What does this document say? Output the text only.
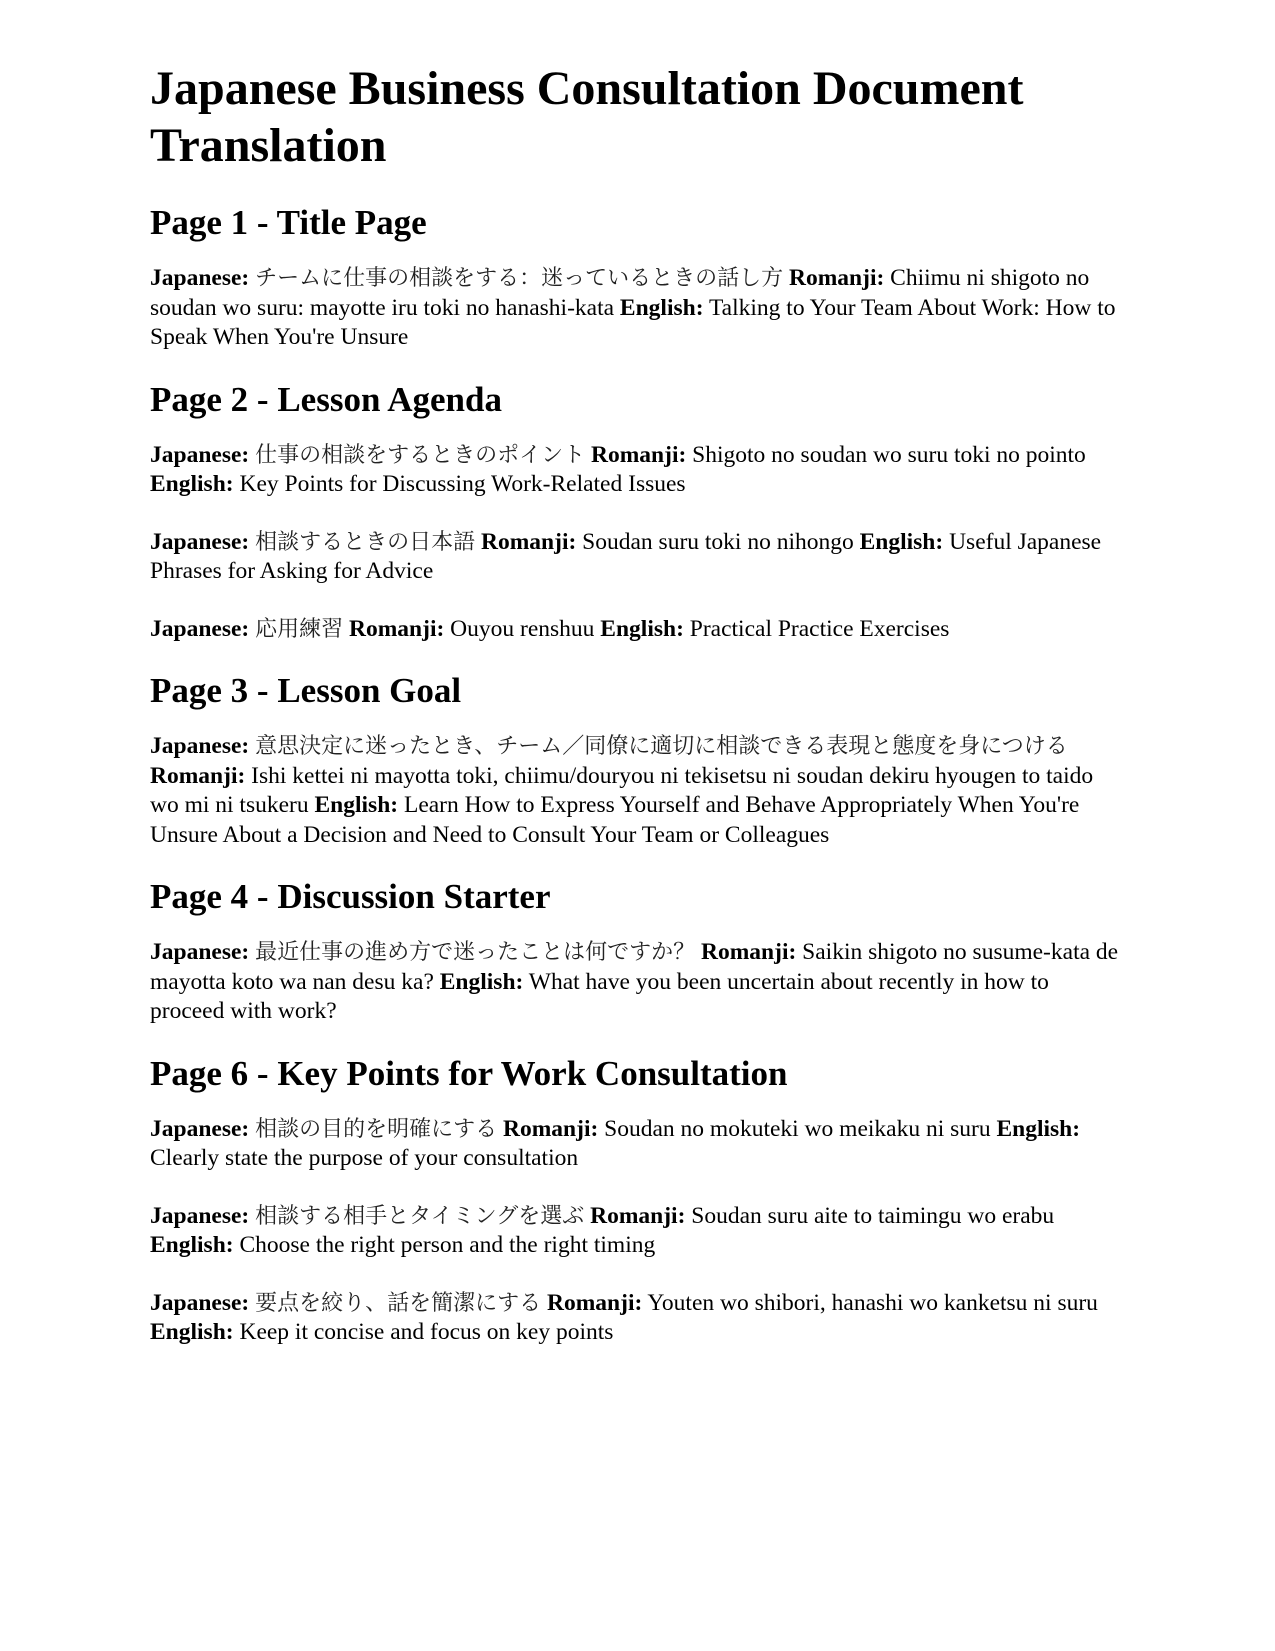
Japanese Business Consultation Document Translation
Page 1 - Title Page

Japanese: チームに仕事の相談をする：迷っているときの話し方 Romanji: Chiimu ni shigoto no soudan wo suru: mayotte iru toki no hanashi-kata English: Talking to Your Team About Work: How to Speak When You're Unsure

Page 2 - Lesson Agenda

Japanese: 仕事の相談をするときのポイント Romanji: Shigoto no soudan wo suru toki no pointo English: Key Points for Discussing Work-Related Issues

Japanese: 相談するときの日本語 Romanji: Soudan suru toki no nihongo English: Useful Japanese Phrases for Asking for Advice

Japanese: 応用練習 Romanji: Ouyou renshuu English: Practical Practice Exercises

Page 3 - Lesson Goal

Japanese: 意思決定に迷ったとき、チーム／同僚に適切に相談できる表現と態度を身につける Romanji: Ishi kettei ni mayotta toki, chiimu/douryou ni tekisetsu ni soudan dekiru hyougen to taido wo mi ni tsukeru English: Learn How to Express Yourself and Behave Appropriately When You're Unsure About a Decision and Need to Consult Your Team or Colleagues

Page 4 - Discussion Starter

Japanese: 最近仕事の進め方で迷ったことは何ですか？ Romanji: Saikin shigoto no susume-kata de mayotta koto wa nan desu ka? English: What have you been uncertain about recently in how to proceed with work?

Page 6 - Key Points for Work Consultation

Japanese: 相談の目的を明確にする Romanji: Soudan no mokuteki wo meikaku ni suru English: Clearly state the purpose of your consultation

Japanese: 相談する相手とタイミングを選ぶ Romanji: Soudan suru aite to taimingu wo erabu English: Choose the right person and the right timing

Japanese: 要点を絞り、話を簡潔にする Romanji: Youten wo shibori, hanashi wo kanketsu ni suru English: Keep it concise and focus on key points
